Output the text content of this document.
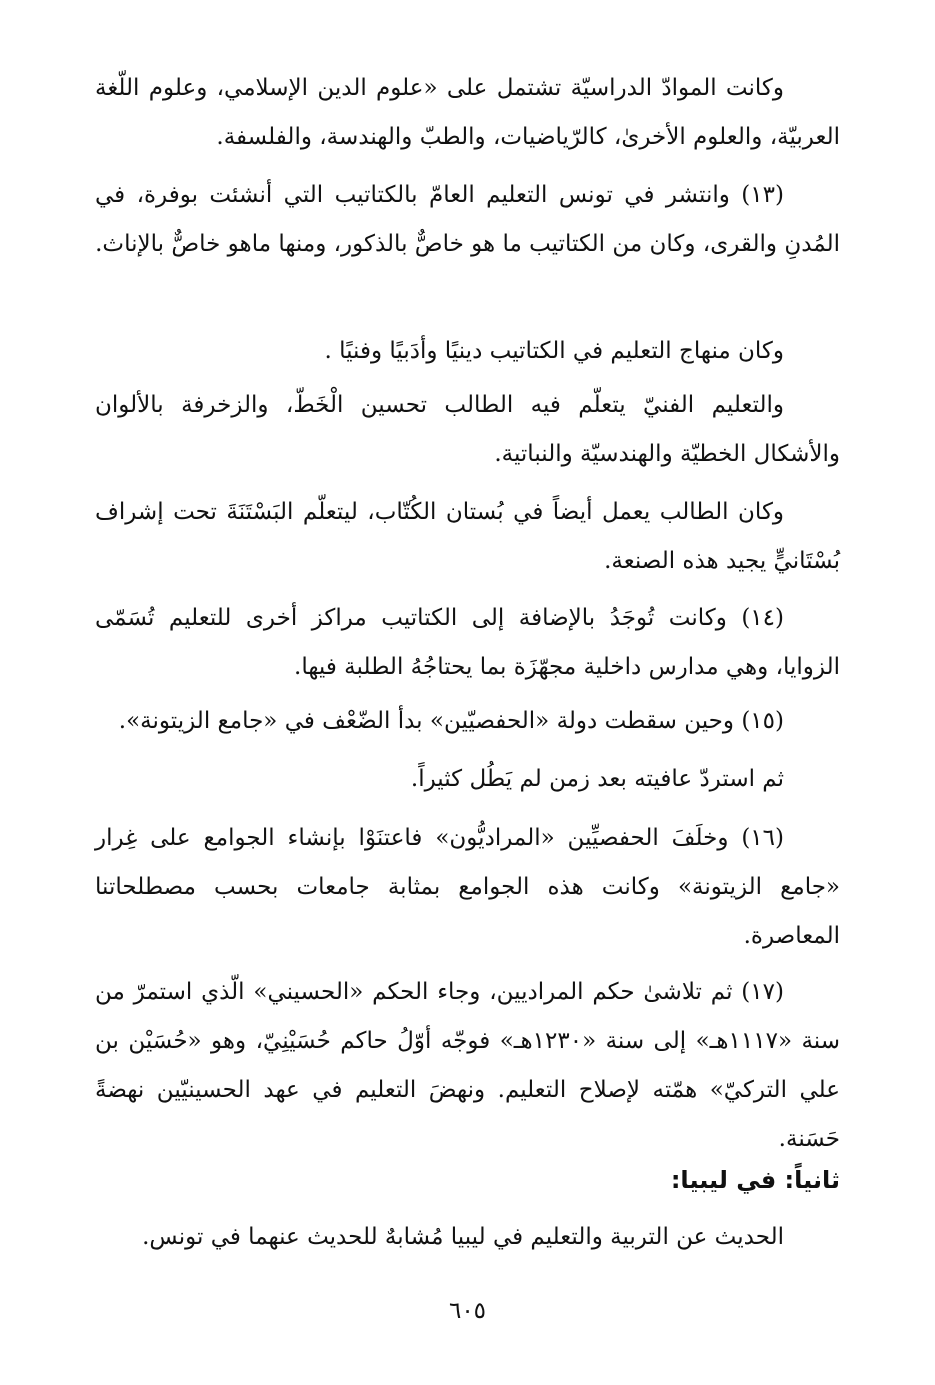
وكانت الموادّ الدراسيّة تشتمل على «علوم الدين الإسلامي، وعلوم اللّغة العربيّة، والعلوم الأخرىٰ، كالرّياضيات، والطبّ والهندسة، والفلسفة.

(١٣) وانتشر في تونس التعليم العامّ بالكتاتيب التي أنشئت بوفرة، في المُدنِ والقرى، وكان من الكتاتيب ما هو خاصٌّ بالذكور، ومنها ماهو خاصٌّ بالإناث.

وكان منهاج التعليم في الكتاتيب دينيًا وأدَبيًا وفنيًا .

والتعليم الفنيّ يتعلّم فيه الطالب تحسين الْخَطّ، والزخرفة بالألوان والأشكال الخطيّة والهندسيّة والنباتية.

وكان الطالب يعمل أيضاً في بُستان الكُتّاب، ليتعلّم البَسْتَنَةَ تحت إشراف بُسْتَانيٍّ يجيد هذه الصنعة.

(١٤) وكانت تُوجَدُ بالإضافة إلى الكتاتيب مراكز أخرى للتعليم تُسَمّى الزوايا، وهي مدارس داخلية مجهّزَة بما يحتاجُهُ الطلبة فيها.

(١٥) وحين سقطت دولة «الحفصيّين» بدأ الضّعْف في «جامع الزيتونة».

ثم استردّ عافيته بعد زمن لم يَطُل كثيراً.

(١٦) وخلَفَ الحفصيِّين «المراديُّون» فاعتنَوْا بإنشاء الجوامع على غِرار «جامع الزيتونة» وكانت هذه الجوامع بمثابة جامعات بحسب مصطلحاتنا المعاصرة.

(١٧) ثم تلاشىٰ حكم المراديين، وجاء الحكم «الحسيني» الّذي استمرّ من سنة «١١١٧هـ» إلى سنة «١٢٣٠هـ» فوجّه أوّلُ حاكم حُسَيْنِيّ، وهو «حُسَيْن بن علي التركيّ» همّته لإصلاح التعليم. ونهضَ التعليم في عهد الحسينيّين نهضةً حَسَنة.

ثانياً: في ليبيا:

الحديث عن التربية والتعليم في ليبيا مُشابهٌ للحديث عنهما في تونس.

٦٠٥
